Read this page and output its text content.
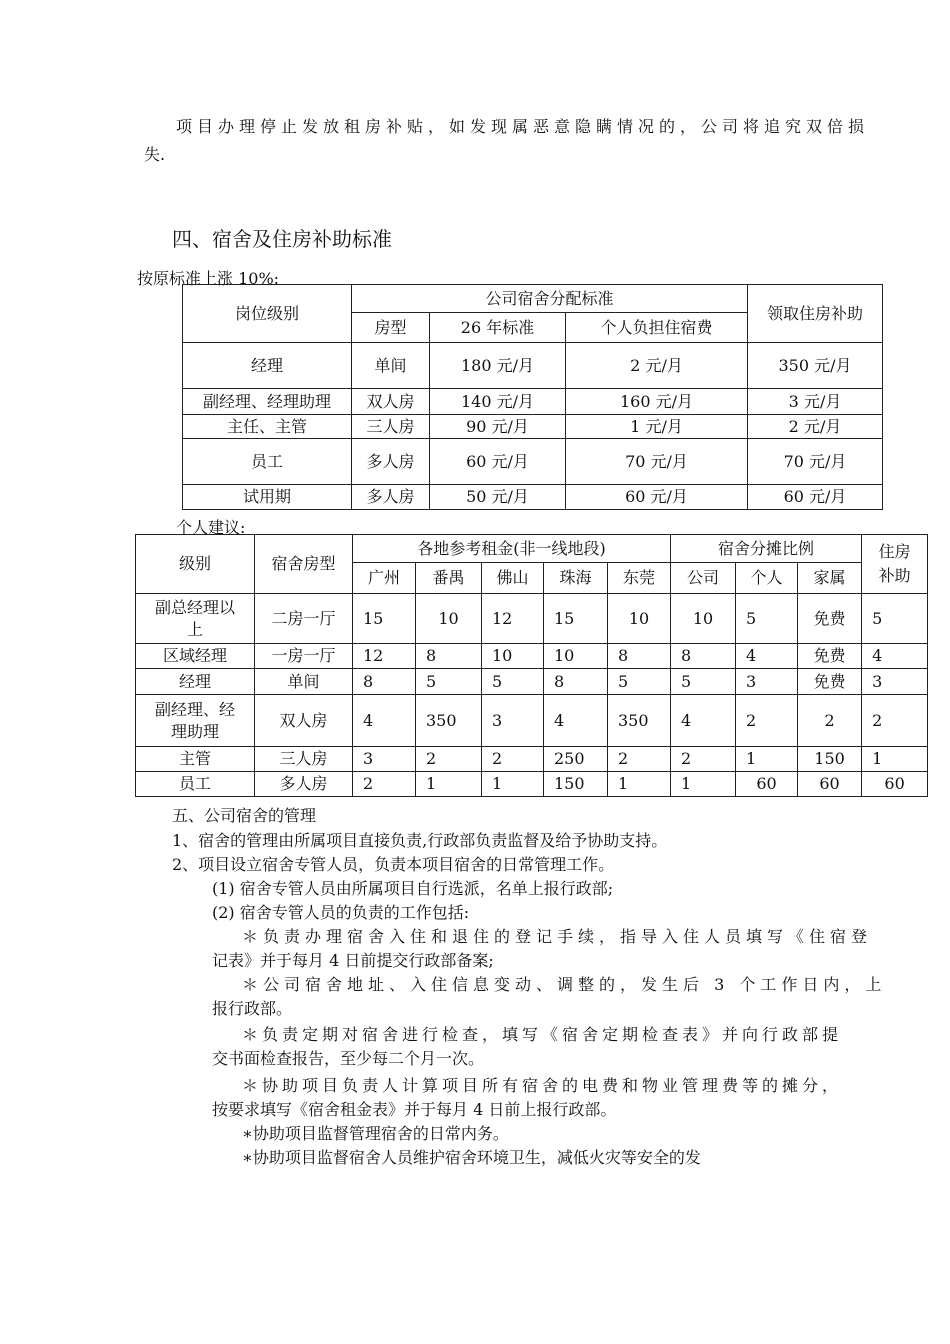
项目办理停止发放租房补贴，如发现属恶意隐瞒情况的，公司将追究双倍损
失.
四、宿舍及住房补助标准
按原标准上涨 10%:
岗位级别	公司宿舍分配标准			领取住房补助
	房型	26 年标准	个人负担住宿费	
经理	单间	180 元/月	2 元/月	350 元/月
副经理、经理助理	双人房	140 元/月	160 元/月	3 元/月
主任、主管	三人房	90 元/月	1 元/月	2 元/月
员工	多人房	60 元/月	70 元/月	70 元/月
试用期	多人房	50 元/月	60 元/月	60 元/月
个人建议:
级别	宿舍房型	各地参考租金(非一线地段)					宿舍分摊比例			住房
补助

		广州	番禺	佛山	珠海	东莞	公司	个人	家属	

副总经理以
上	二房一厅	15	10	12	15	10	10	5	免费	5
区域经理	一房一厅	12	8	10	10	8	8	4	免费	4
经理	单间	8	5	5	8	5	5	3	免费	3

副经理、经
理助理	双人房	4	350	3	4	350	4	2	2	2
主管	三人房	3	2	2	250	2	2	1	150	1
员工	多人房	2	1	1	150	1	1	60	60	60
五、公司宿舍的管理
1、宿舍的管理由所属项目直接负责,行政部负责监督及给予协助支持。
2、项目设立宿舍专管人员，负责本项目宿舍的日常管理工作。
(1) 宿舍专管人员由所属项目自行选派，名单上报行政部;
(2) 宿舍专管人员的负责的工作包括:
＊负责办理宿舍入住和退住的登记手续，指导入住人员填写《住宿登
记表》并于每月 4 日前提交行政部备案;
＊公司宿舍地址、入住信息变动、调整的，发生后 3 个工作日内，上
报行政部。
＊负责定期对宿舍进行检查，填写《宿舍定期检查表》并向行政部提
交书面检查报告，至少每二个月一次。
＊协助项目负责人计算项目所有宿舍的电费和物业管理费等的摊分，
按要求填写《宿舍租金表》并于每月 4 日前上报行政部。
∗协助项目监督管理宿舍的日常内务。
∗协助项目监督宿舍人员维护宿舍环境卫生，减低火灾等安全的发
